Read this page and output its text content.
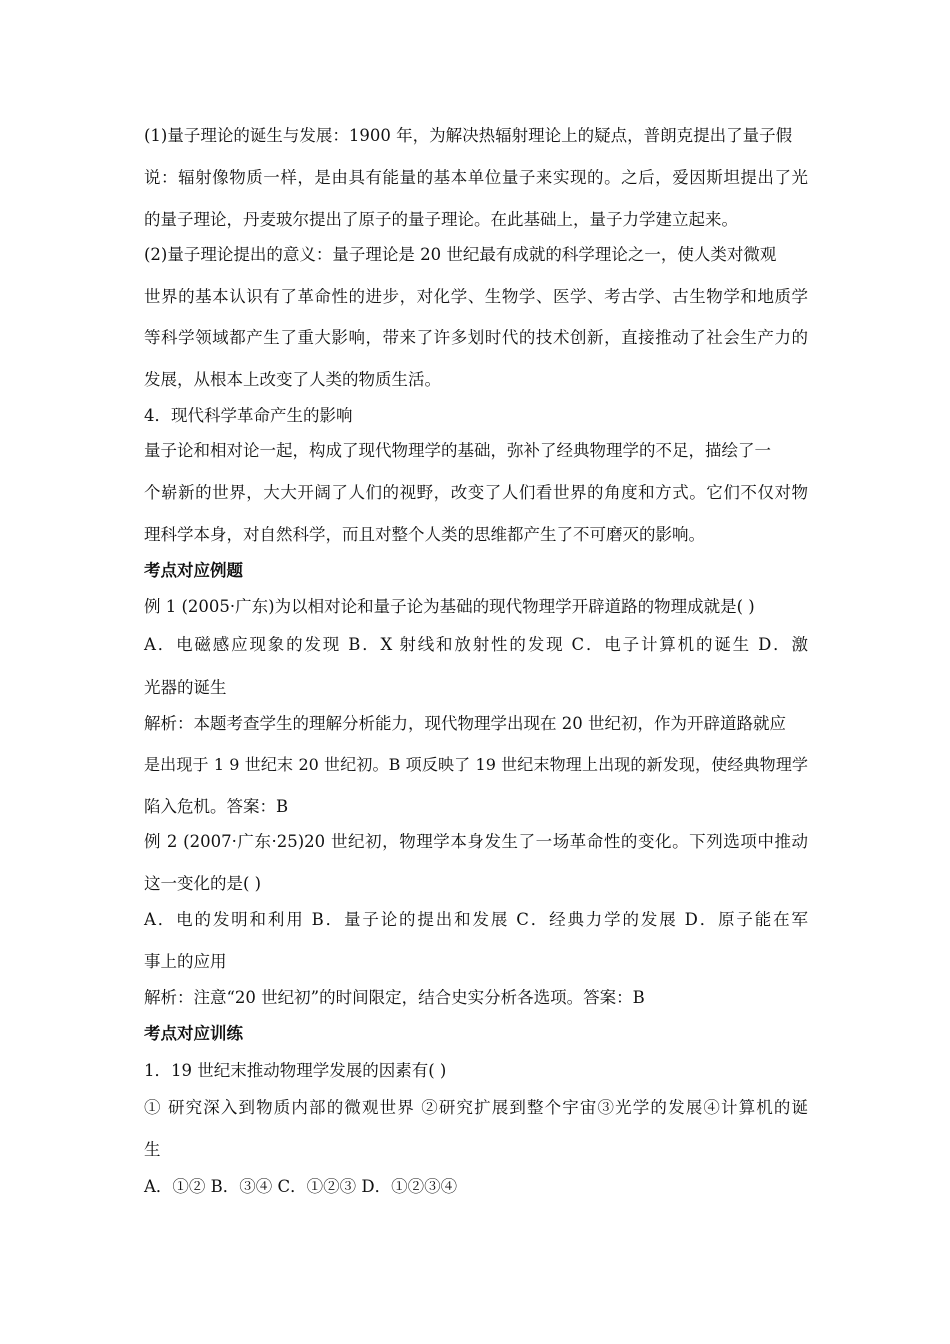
(1)量子理论的诞生与发展：1900 年，为解决热辐射理论上的疑点，普朗克提出了量子假
说：辐射像物质一样，是由具有能量的基本单位量子来实现的。之后，爱因斯坦提出了光
的量子理论，丹麦玻尔提出了原子的量子理论。在此基础上，量子力学建立起来。
(2)量子理论提出的意义：量子理论是 20 世纪最有成就的科学理论之一，使人类对微观
世界的基本认识有了革命性的进步，对化学、生物学、医学、考古学、古生物学和地质学
等科学领域都产生了重大影响，带来了许多划时代的技术创新，直接推动了社会生产力的
发展，从根本上改变了人类的物质生活。
4．现代科学革命产生的影响
量子论和相对论一起，构成了现代物理学的基础，弥补了经典物理学的不足，描绘了一
个崭新的世界，大大开阔了人们的视野，改变了人们看世界的角度和方式。它们不仅对物
理科学本身，对自然科学，而且对整个人类的思维都产生了不可磨灭的影响。
考点对应例题
例 1 (2005·广东)为以相对论和量子论为基础的现代物理学开辟道路的物理成就是( )
A．电磁感应现象的发现 B．X 射线和放射性的发现 C．电子计算机的诞生 D．激
光器的诞生
解析：本题考查学生的理解分析能力，现代物理学出现在 20 世纪初，作为开辟道路就应
是出现于 1 9 世纪末 20 世纪初。B 项反映了 19 世纪末物理上出现的新发现，使经典物理学
陷入危机。答案：B
例 2 (2007·广东·25)20 世纪初，物理学本身发生了一场革命性的变化。下列选项中推动
这一变化的是( )
A．电的发明和利用 B．量子论的提出和发展 C．经典力学的发展 D．原子能在军
事上的应用
解析：注意“20 世纪初”的时间限定，结合史实分析各选项。答案：B
考点对应训练
1．19 世纪末推动物理学发展的因素有( )
① 研究深入到物质内部的微观世界 ②研究扩展到整个宇宙③光学的发展④计算机的诞
生
A．①② B．③④ C．①②③ D．①②③④
